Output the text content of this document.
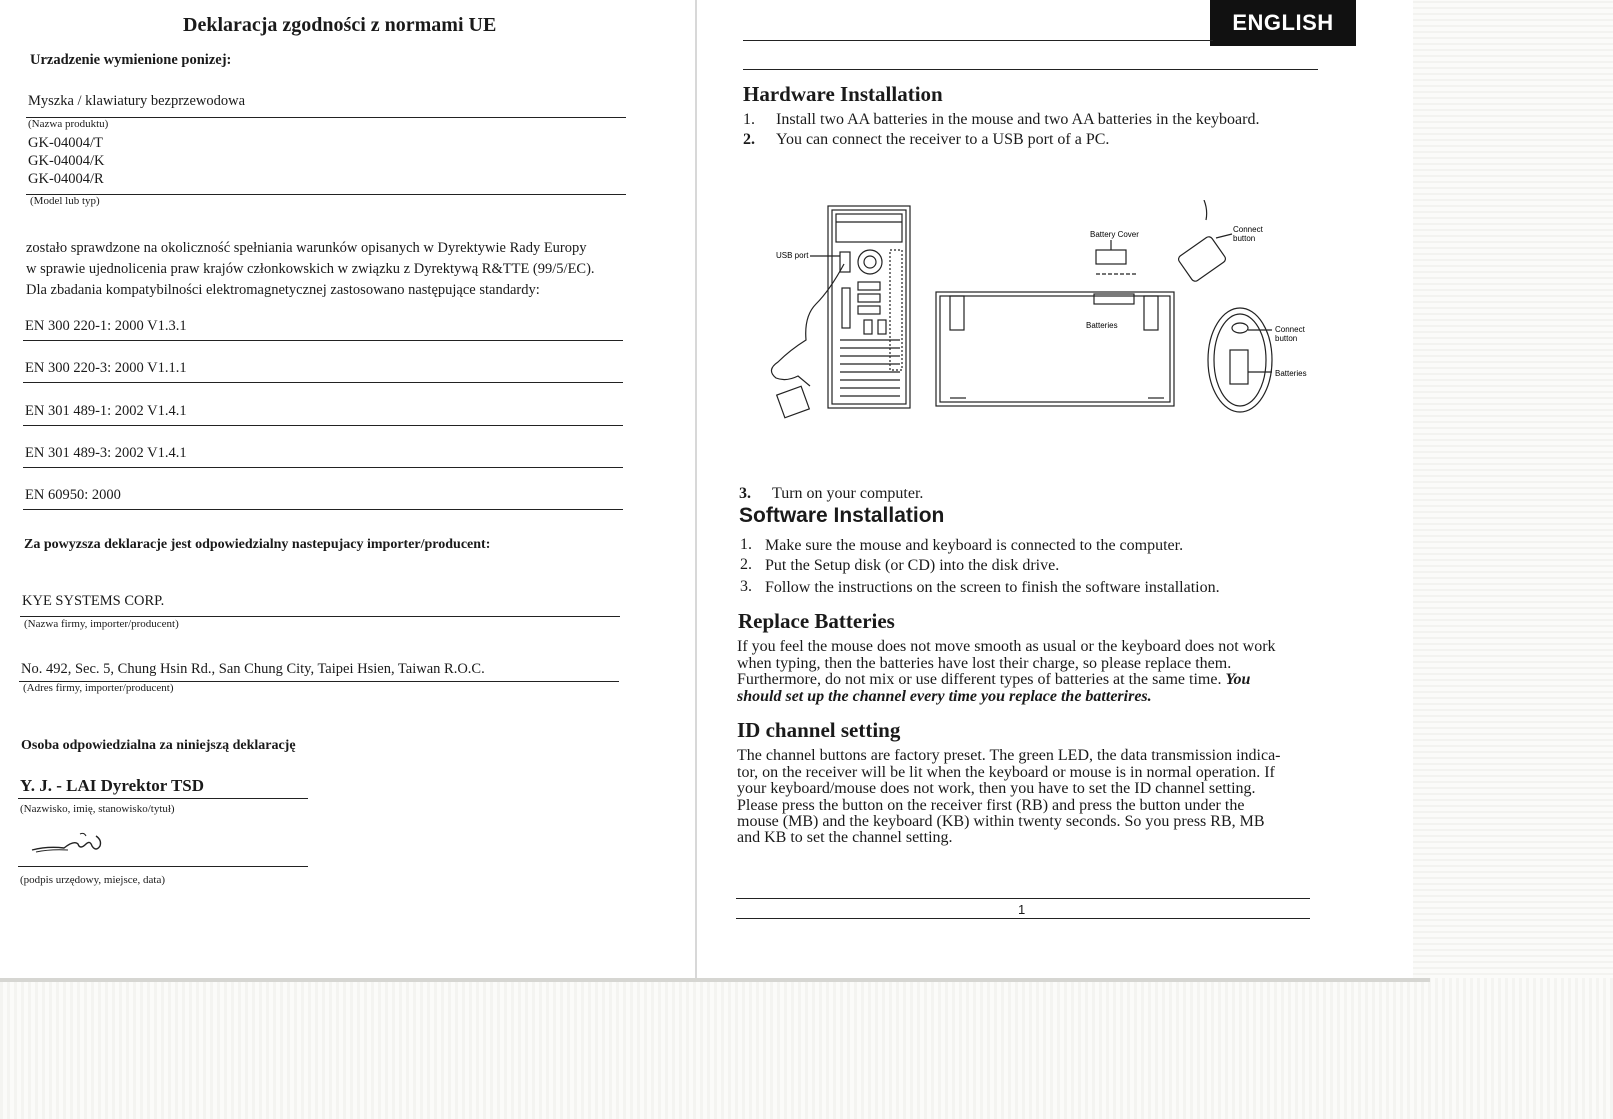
Deklaracja zgodności z normami UE
Urzadzenie wymienione ponizej:
Myszka / klawiatury bezprzewodowa
(Nazwa produktu)
GK-04004/T
GK-04004/K
GK-04004/R
(Model lub typ)
zostało sprawdzone na okoliczność spełniania warunków opisanych w Dyrektywie Rady Europy
w sprawie ujednolicenia praw krajów członkowskich w związku z Dyrektywą R&TTE (99/5/EC).
Dla zbadania kompatybilności elektromagnetycznej zastosowano następujące standardy:
EN 300 220-1: 2000 V1.3.1
EN 300 220-3: 2000 V1.1.1
EN 301 489-1: 2002 V1.4.1
EN 301 489-3: 2002 V1.4.1
EN 60950: 2000
Za powyzsza deklaracje jest odpowiedzialny nastepujacy importer/producent:
KYE SYSTEMS CORP.
(Nazwa firmy, importer/producent)
No. 492, Sec. 5, Chung Hsin Rd., San Chung City, Taipei Hsien, Taiwan R.O.C.
(Adres firmy, importer/producent)
Osoba odpowiedzialna za niniejszą deklarację
Y. J. - LAI Dyrektor TSD
(Nazwisko, imię, stanowisko/tytuł)
(podpis urzędowy, miejsce, data)
ENGLISH
Hardware Installation
1. Install two AA batteries in the mouse and two AA batteries in the keyboard.
2. You can connect the receiver to a USB port of a PC.
USB port
Battery Cover
Batteries
Connect
button
Connect
button
Batteries
3. Turn on your computer.
Software Installation
1. Make sure the mouse and keyboard is connected to the computer.
2. Put the Setup disk (or CD) into the disk drive.
3. Follow the instructions on the screen to finish the software installation.
Replace Batteries
If you feel the mouse does not move smooth as usual or the keyboard does not work
when typing, then the batteries have lost their charge, so please replace them.
Furthermore, do not mix or use different types of batteries at the same time. You
should set up the channel every time you replace the batterires.
ID channel setting
The channel buttons are factory preset. The green LED, the data transmission indica-
tor, on the receiver will be lit when the keyboard or mouse is in normal operation. If
your keyboard/mouse does not work, then you have to set the ID channel setting.
Please press the button on the receiver first (RB) and press the button under the
mouse (MB) and the keyboard (KB) within twenty seconds. So you press RB, MB
and KB to set the channel setting.
1
